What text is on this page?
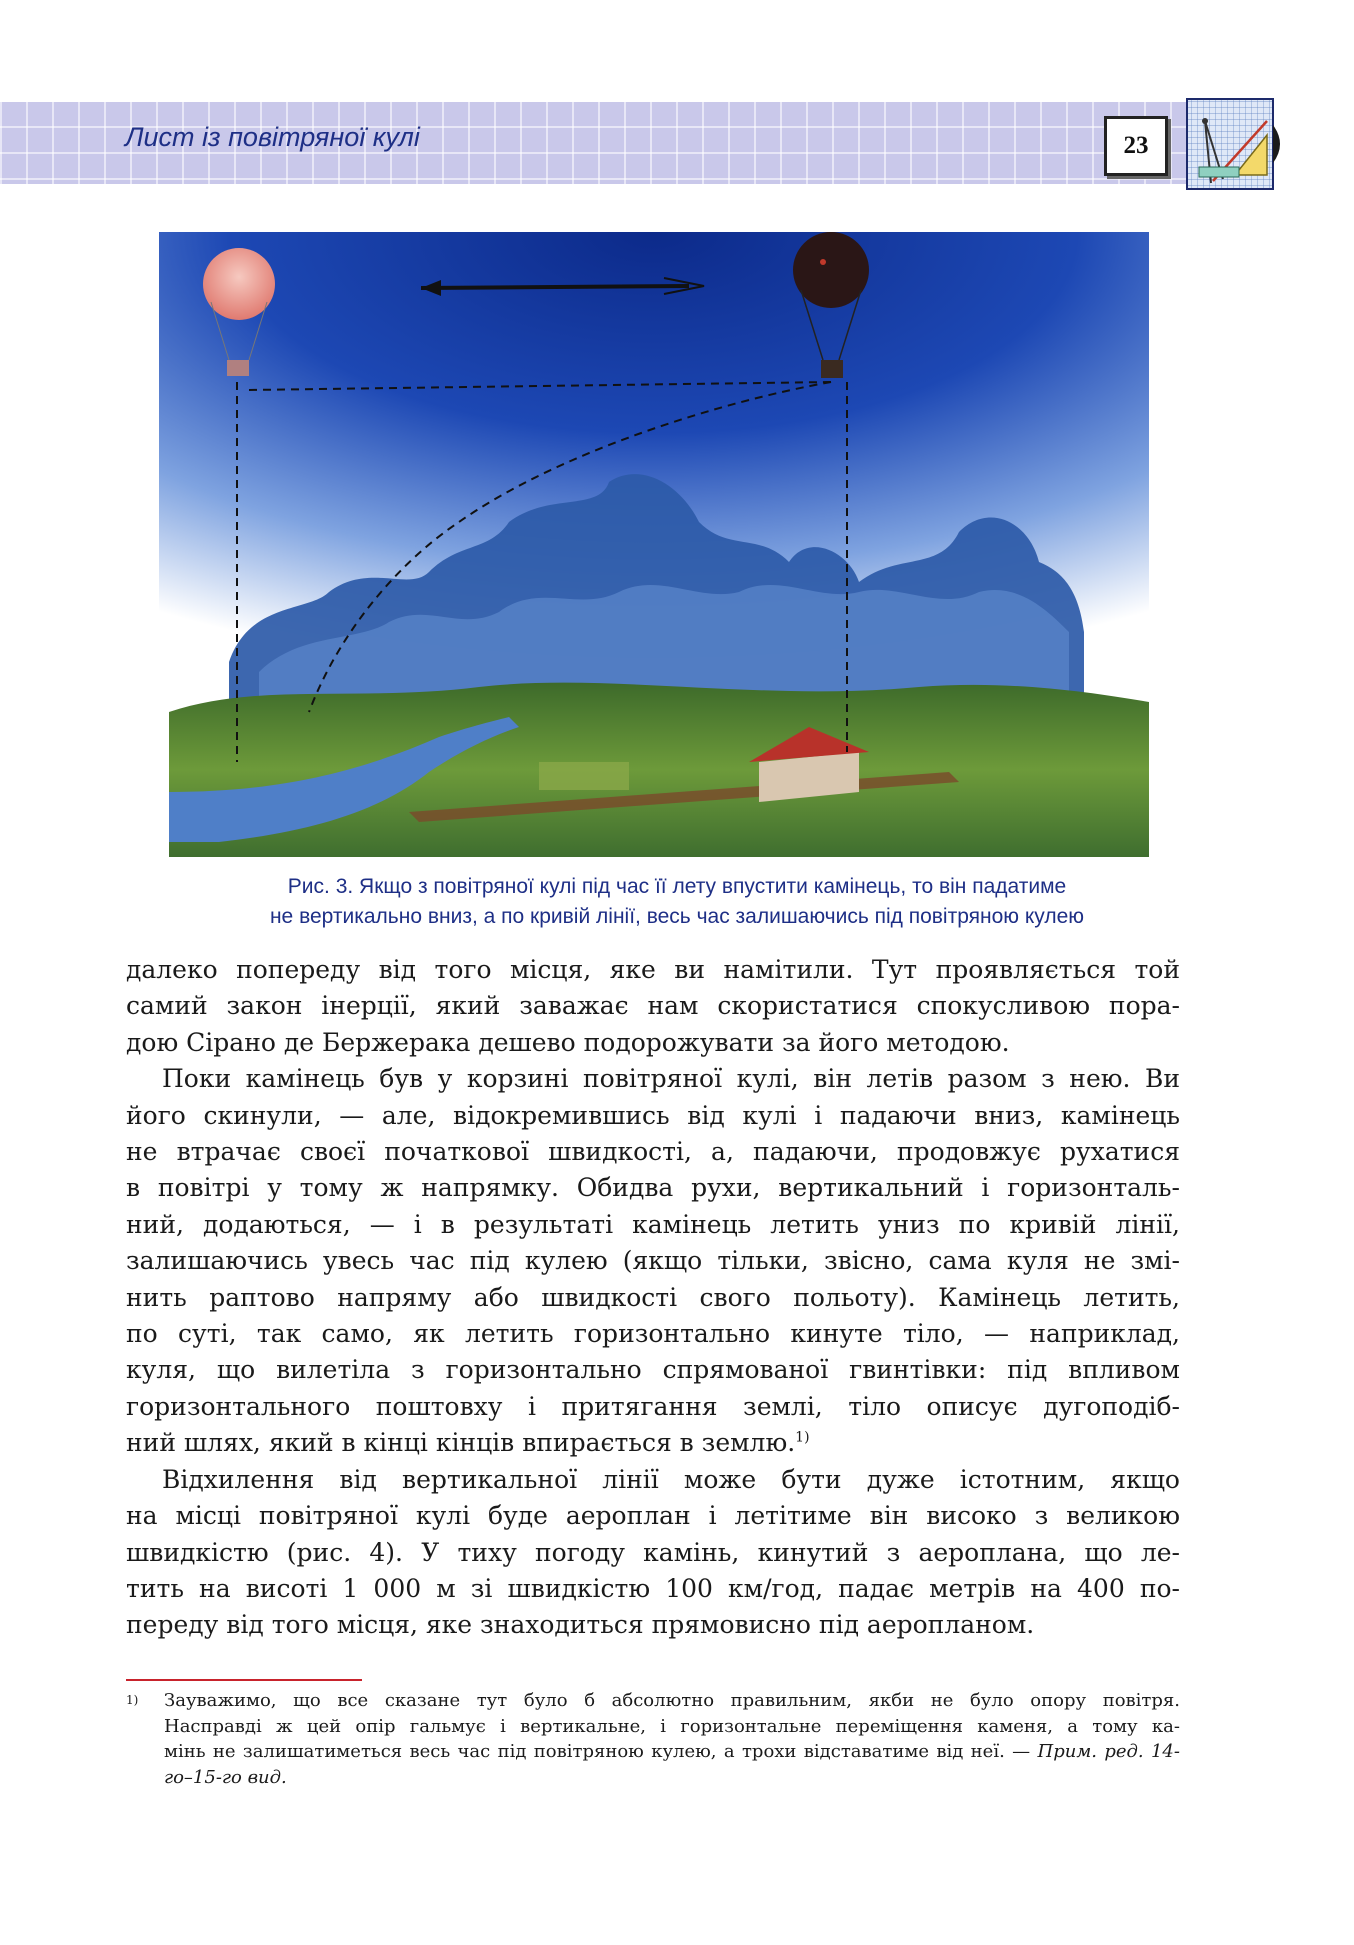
Лист із повітряної кулі	23
Рис. 3. Якщо з повітряної кулі під час її лету впустити камінець, то він падатиме
не вертикально вниз, а по кривій лінії, весь час залишаючись під повітряною кулею

далеко попереду від того місця, яке ви намітили. Тут проявляється той

самий закон інерції, який заважає нам скористатися спокусливою пора-

дою Сірано де Бержерака дешево подорожувати за його методою.

Поки камінець був у корзині повітряної кулі, він летів разом з нею. Ви

його скинули, — але, відокремившись від кулі і падаючи вниз, камінець

не втрачає своєї початкової швидкості, а, падаючи, продовжує рухатися

в повітрі у тому ж напрямку. Обидва рухи, вертикальний і горизонталь-

ний, додаються, — і в результаті камінець летить униз по кривій лінії,

залишаючись увесь час під кулею (якщо тільки, звісно, сама куля не змі-

нить раптово напряму або швидкості свого польоту). Камінець летить,

по суті, так само, як летить горизонтально кинуте тіло, — наприклад,

куля, що вилетіла з горизонтально спрямованої гвинтівки: під впливом

горизонтального поштовху і притягання землі, тіло описує дугоподіб-

ний шлях, який в кінці кінців впирається в землю.$^{1)}$

Відхилення від вертикальної лінії може бути дуже істотним, якщо

на місці повітряної кулі буде аероплан і летітиме він високо з великою

швидкістю (рис. 4). У тиху погоду камінь, кинутий з аероплана, що ле-

тить на висоті 1 000 м зі швидкістю 100 км/год, падає метрів на 400 по-

переду від того місця, яке знаходиться прямовисно під аеропланом.

1) Зауважимо, що все сказане тут було б абсолютно правильним, якби не було опору повітря.
Насправді ж цей опір гальмує і вертикальне, і горизонтальне переміщення каменя, а тому ка-
мінь не залишатиметься весь час під повітряною кулею, а трохи відставатиме від неї. — Прим. ред. 14-го–15-го вид.
